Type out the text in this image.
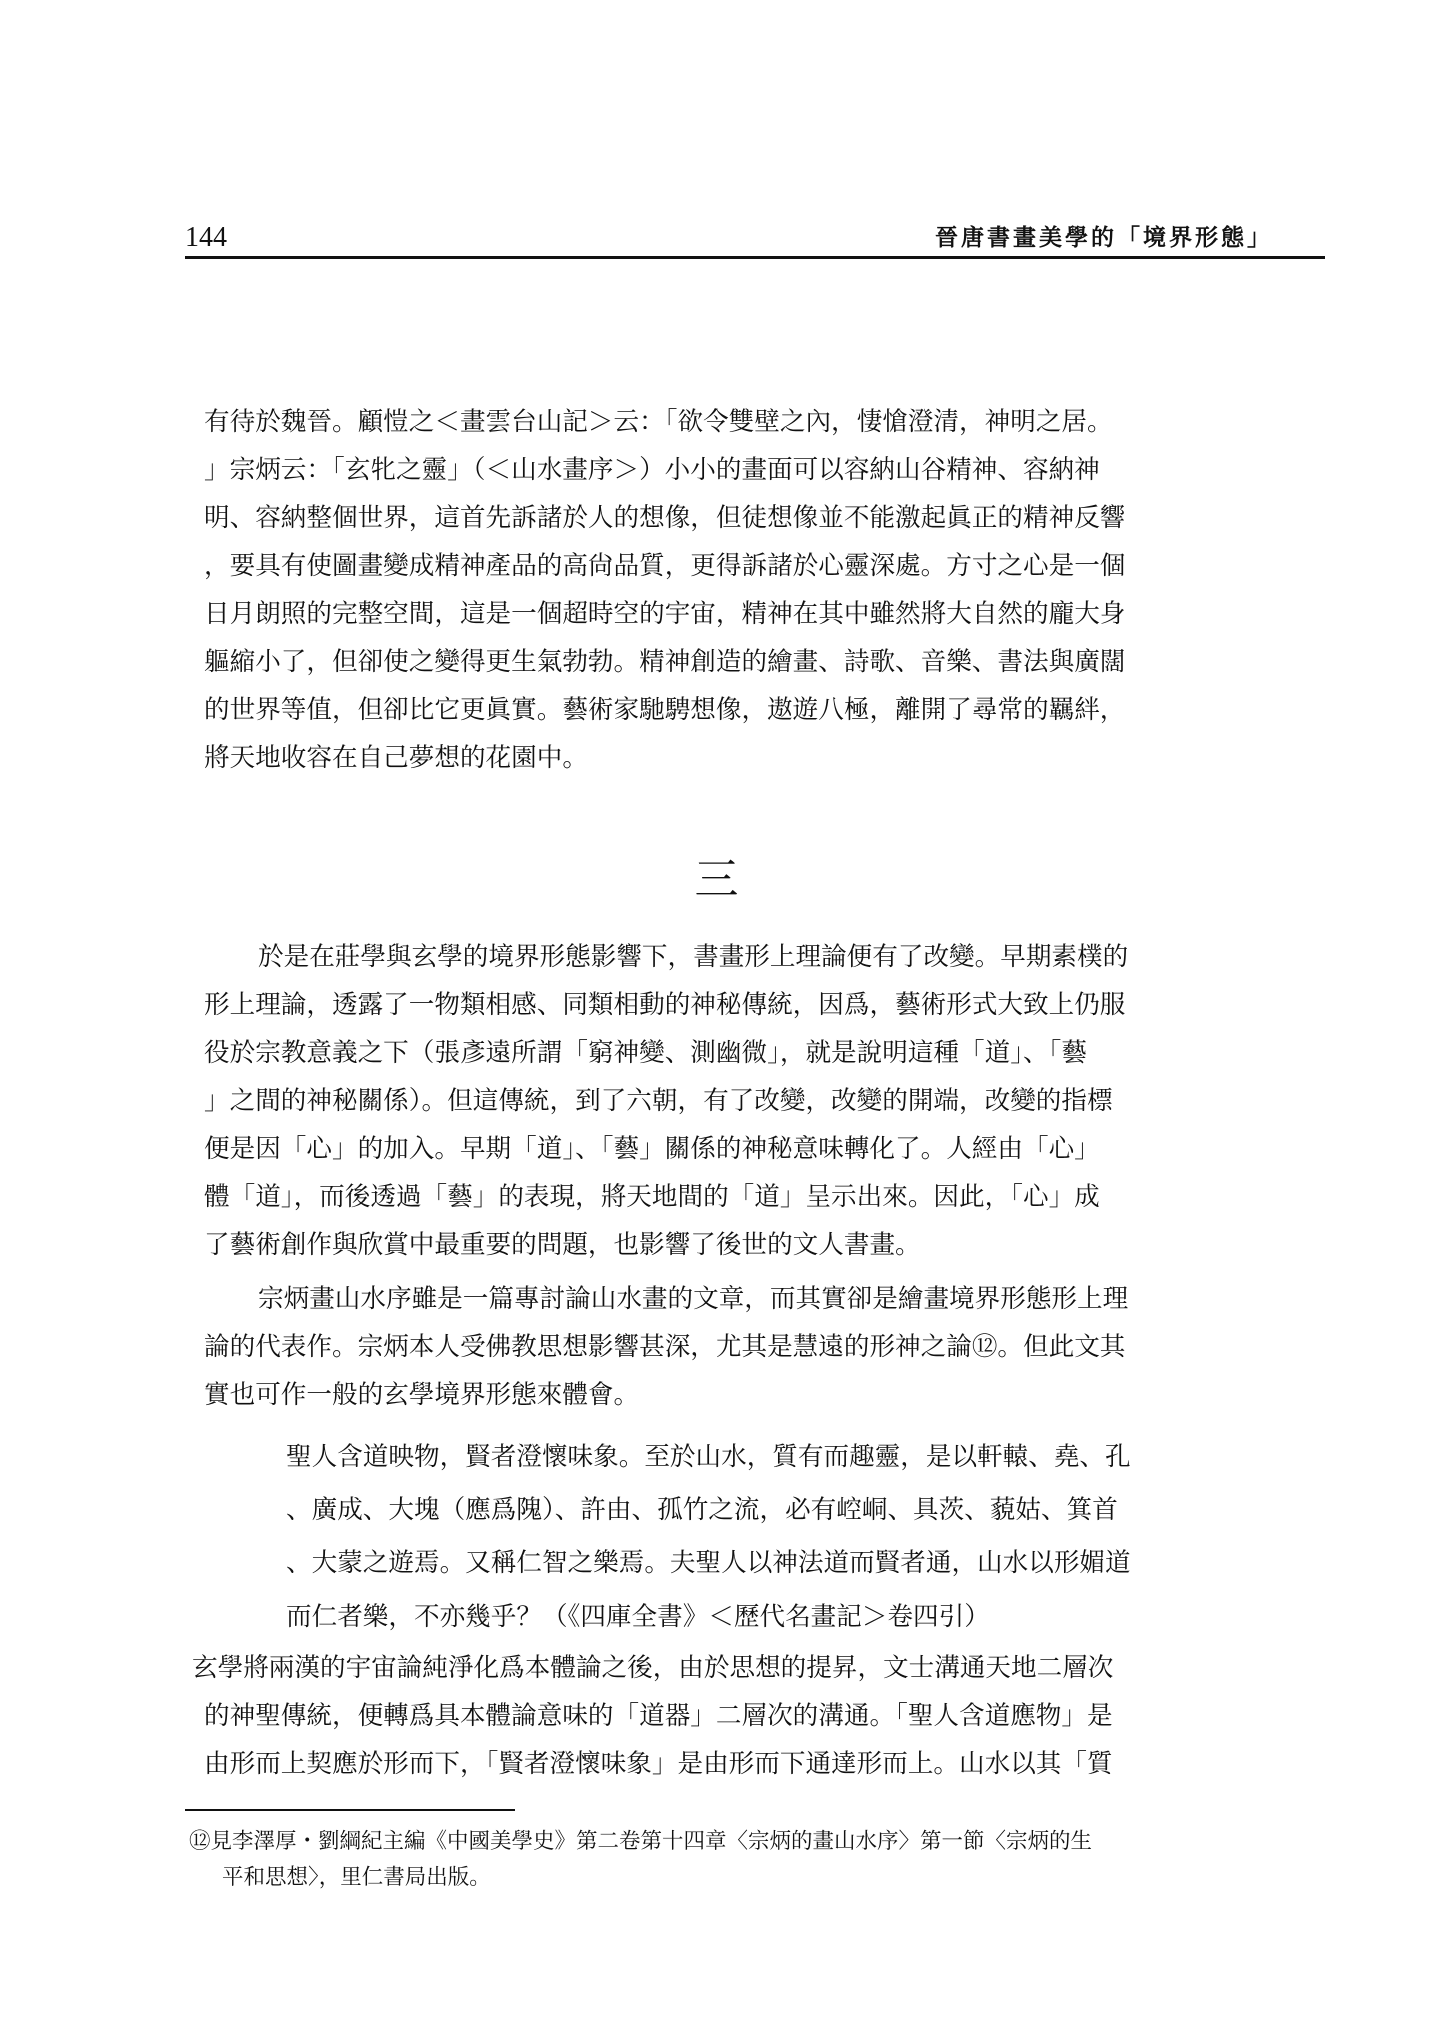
144	晉唐書畫美學的「境界形態」
有待於魏晉。顧愷之＜畫雲台山記＞云：「欲令雙壁之內，悽愴澄清，神明之居。
」宗炳云：「玄牝之靈」（＜山水畫序＞）小小的畫面可以容納山谷精神、容納神
明、容納整個世界，這首先訴諸於人的想像，但徒想像並不能激起眞正的精神反響
，要具有使圖畫變成精神產品的高尙品質，更得訴諸於心靈深處。方寸之心是一個
日月朗照的完整空間，這是一個超時空的宇宙，精神在其中雖然將大自然的龐大身
軀縮小了，但卻使之變得更生氣勃勃。精神創造的繪畫、詩歌、音樂、書法與廣闊
的世界等值，但卻比它更眞實。藝術家馳騁想像，遨遊八極，離開了尋常的羈絆，
將天地收容在自己夢想的花園中。
三
於是在莊學與玄學的境界形態影響下，書畫形上理論便有了改變。早期素樸的
形上理論，透露了一物類相感、同類相動的神秘傳統，因爲，藝術形式大致上仍服
役於宗教意義之下（張彥遠所謂「窮神變、測幽微」，就是說明這種「道」、「藝
」之間的神秘關係）。但這傳統，到了六朝，有了改變，改變的開端，改變的指標
便是因「心」的加入。早期「道」、「藝」關係的神秘意味轉化了。人經由「心」
體「道」，而後透過「藝」的表現，將天地間的「道」呈示出來。因此，「心」成
了藝術創作與欣賞中最重要的問題，也影響了後世的文人書畫。
宗炳畫山水序雖是一篇專討論山水畫的文章，而其實卻是繪畫境界形態形上理
論的代表作。宗炳本人受佛教思想影響甚深，尤其是慧遠的形神之論⑫。但此文其
實也可作一般的玄學境界形態來體會。
聖人含道映物，賢者澄懷味象。至於山水，質有而趣靈，是以軒轅、堯、孔
、廣成、大塊（應爲隗）、許由、孤竹之流，必有崆峒、具茨、藐姑、箕首
、大蒙之遊焉。又稱仁智之樂焉。夫聖人以神法道而賢者通，山水以形媚道
而仁者樂，不亦幾乎？（《四庫全書》＜歷代名畫記＞卷四引）
玄學將兩漢的宇宙論純淨化爲本體論之後，由於思想的提昇，文士溝通天地二層次
的神聖傳統，便轉爲具本體論意味的「道器」二層次的溝通。「聖人含道應物」是
由形而上契應於形而下，「賢者澄懷味象」是由形而下通達形而上。山水以其「質
⑫見李澤厚・劉綱紀主編《中國美學史》第二卷第十四章〈宗炳的畫山水序〉第一節〈宗炳的生
平和思想〉，里仁書局出版。
